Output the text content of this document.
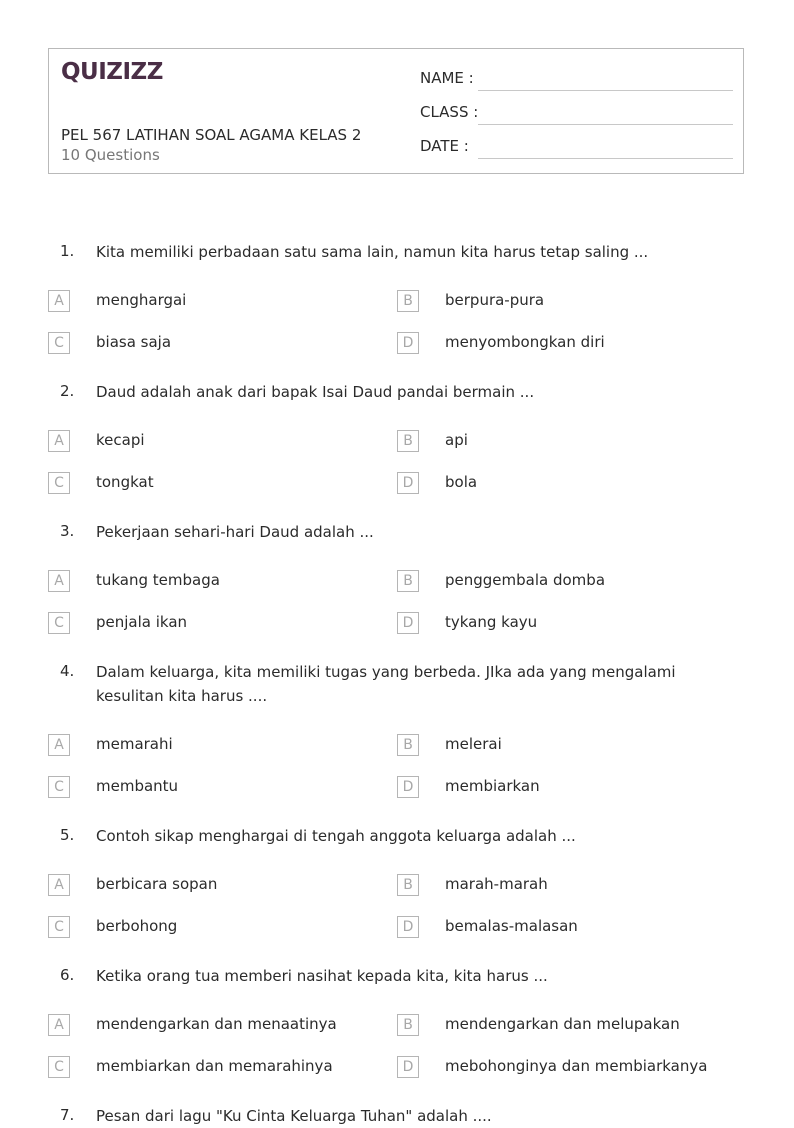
QUIZIZZ
PEL 567 LATIHAN SOAL AGAMA KELAS 2
10 Questions
NAME :
CLASS :
DATE :
1. Kita memiliki perbadaan satu sama lain, namun kita harus tetap saling ...
A	menghargai	B	berpura-pura
C	biasa saja	D	menyombongkan diri
2. Daud adalah anak dari bapak Isai Daud pandai bermain ...
A	kecapi	B	api
C	tongkat	D	bola
3. Pekerjaan sehari-hari Daud adalah ...
A	tukang tembaga	B	penggembala domba
C	penjala ikan	D	tykang kayu
4. Dalam keluarga, kita memiliki tugas yang berbeda. JIka ada yang mengalami kesulitan kita harus ....
A	memarahi	B	melerai
C	membantu	D	membiarkan
5. Contoh sikap menghargai di tengah anggota keluarga adalah ...
A	berbicara sopan	B	marah-marah
C	berbohong	D	bemalas-malasan
6. Ketika orang tua memberi nasihat kepada kita, kita harus ...
A	mendengarkan dan menaatinya	B	mendengarkan dan melupakan
C	membiarkan dan memarahinya	D	mebohonginya dan membiarkanya
7. Pesan dari lagu "Ku Cinta Keluarga Tuhan" adalah ....
